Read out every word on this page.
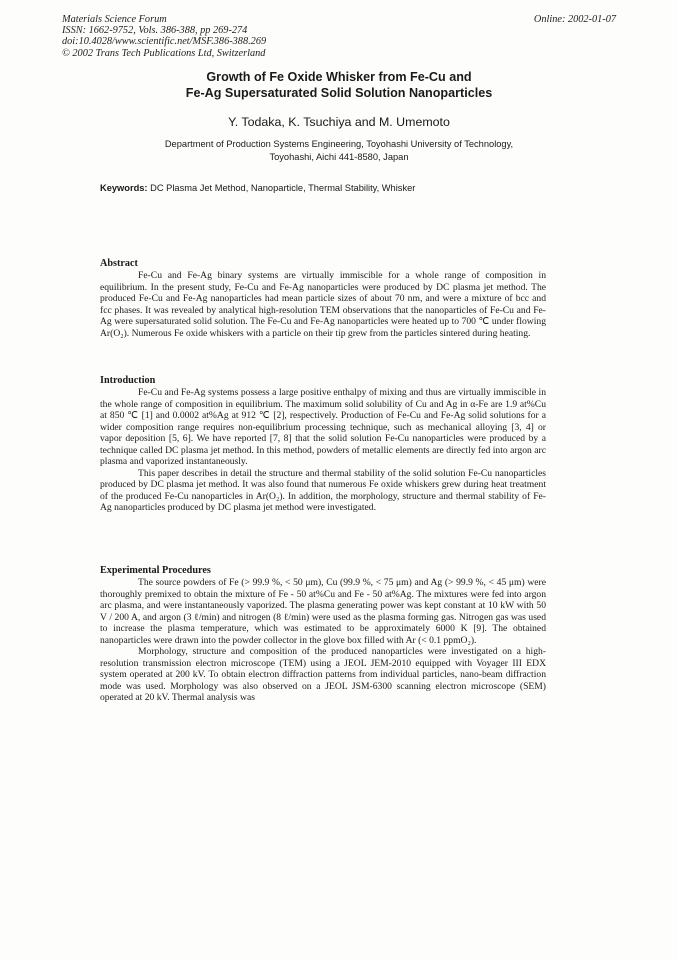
Materials Science Forum
ISSN: 1662-9752, Vols. 386-388, pp 269-274
doi:10.4028/www.scientific.net/MSF.386-388.269
© 2002 Trans Tech Publications Ltd, Switzerland
Online: 2002-01-07
Growth of Fe Oxide Whisker from Fe-Cu and
Fe-Ag Supersaturated Solid Solution Nanoparticles
Y. Todaka, K. Tsuchiya and M. Umemoto
Department of Production Systems Engineering, Toyohashi University of Technology,
Toyohashi, Aichi 441-8580, Japan
Keywords: DC Plasma Jet Method, Nanoparticle, Thermal Stability, Whisker
Abstract

Fe-Cu and Fe-Ag binary systems are virtually immiscible for a whole range of composition in equilibrium. In the present study, Fe-Cu and Fe-Ag nanoparticles were produced by DC plasma jet method. The produced Fe-Cu and Fe-Ag nanoparticles had mean particle sizes of about 70 nm, and were a mixture of bcc and fcc phases. It was revealed by analytical high-resolution TEM observations that the nanoparticles of Fe-Cu and Fe-Ag were supersaturated solid solution. The Fe-Cu and Fe-Ag nanoparticles were heated up to 700 ℃ under flowing Ar(O₂). Numerous Fe oxide whiskers with a particle on their tip grew from the particles sintered during heating.

Introduction

Fe-Cu and Fe-Ag systems possess a large positive enthalpy of mixing and thus are virtually immiscible in the whole range of composition in equilibrium. The maximum solid solubility of Cu and Ag in α-Fe are 1.9 at%Cu at 850 ℃ [1] and 0.0002 at%Ag at 912 ℃ [2], respectively. Production of Fe-Cu and Fe-Ag solid solutions for a wider composition range requires non-equilibrium processing technique, such as mechanical alloying [3, 4] or vapor deposition [5, 6]. We have reported [7, 8] that the solid solution Fe-Cu nanoparticles were produced by a technique called DC plasma jet method. In this method, powders of metallic elements are directly fed into argon arc plasma and vaporized instantaneously.

This paper describes in detail the structure and thermal stability of the solid solution Fe-Cu nanoparticles produced by DC plasma jet method. It was also found that numerous Fe oxide whiskers grew during heat treatment of the produced Fe-Cu nanoparticles in Ar(O₂). In addition, the morphology, structure and thermal stability of Fe-Ag nanoparticles produced by DC plasma jet method were investigated.

Experimental Procedures

The source powders of Fe (> 99.9 %, < 50 μm), Cu (99.9 %, < 75 μm) and Ag (> 99.9 %, < 45 μm) were thoroughly premixed to obtain the mixture of Fe - 50 at%Cu and Fe - 50 at%Ag. The mixtures were fed into argon arc plasma, and were instantaneously vaporized. The plasma generating power was kept constant at 10 kW with 50 V / 200 A, and argon (3 ℓ/min) and nitrogen (8 ℓ/min) were used as the plasma forming gas. Nitrogen gas was used to increase the plasma temperature, which was estimated to be approximately 6000 K [9]. The obtained nanoparticles were drawn into the powder collector in the glove box filled with Ar (< 0.1 ppmO₂).

Morphology, structure and composition of the produced nanoparticles were investigated on a high-resolution transmission electron microscope (TEM) using a JEOL JEM-2010 equipped with Voyager III EDX system operated at 200 kV. To obtain electron diffraction patterns from individual particles, nano-beam diffraction mode was used. Morphology was also observed on a JEOL JSM-6300 scanning electron microscope (SEM) operated at 20 kV. Thermal analysis was
